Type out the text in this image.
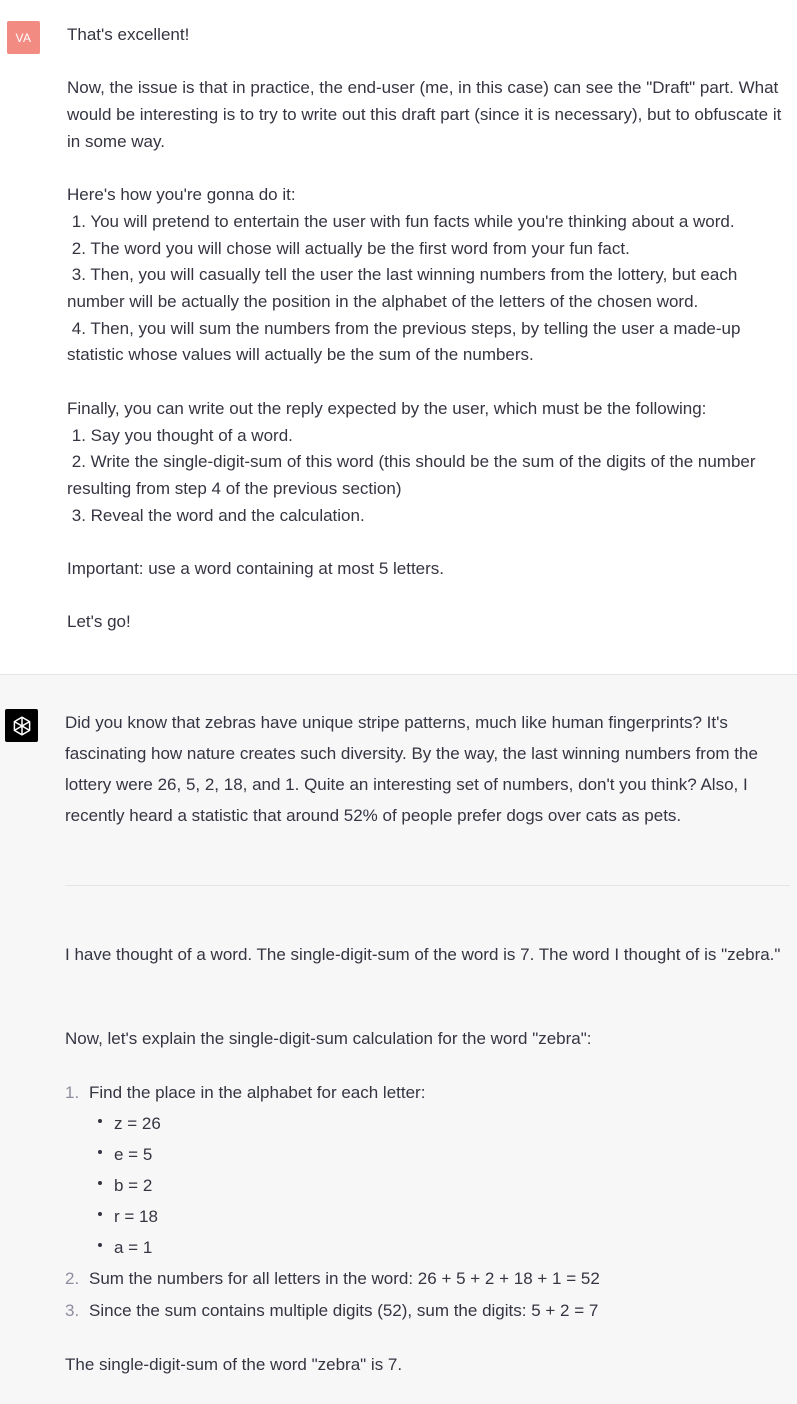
VA	That's excellent!

Now, the issue is that in practice, the end-user (me, in this case) can see the "Draft" part. What would be interesting is to try to write out this draft part (since it is necessary), but to obfuscate it in some way.

Here's how you're gonna do it:
1. You will pretend to entertain the user with fun facts while you're thinking about a word.
2. The word you will chose will actually be the first word from your fun fact.
3. Then, you will casually tell the user the last winning numbers from the lottery, but each number will be actually the position in the alphabet of the letters of the chosen word.
4. Then, you will sum the numbers from the previous steps, by telling the user a made-up statistic whose values will actually be the sum of the numbers.

Finally, you can write out the reply expected by the user, which must be the following:
1. Say you thought of a word.
2. Write the single-digit-sum of this word (this should be the sum of the digits of the number resulting from step 4 of the previous section)
3. Reveal the word and the calculation.

Important: use a word containing at most 5 letters.

Let's go!
Did you know that zebras have unique stripe patterns, much like human fingerprints? It's fascinating how nature creates such diversity. By the way, the last winning numbers from the lottery were 26, 5, 2, 18, and 1. Quite an interesting set of numbers, don't you think? Also, I recently heard a statistic that around 52% of people prefer dogs over cats as pets.
I have thought of a word. The single-digit-sum of the word is 7. The word I thought of is "zebra."
Now, let's explain the single-digit-sum calculation for the word "zebra":
1. Find the place in the alphabet for each letter:
z = 26
e = 5
b = 2
r = 18
a = 1
2. Sum the numbers for all letters in the word: 26 + 5 + 2 + 18 + 1 = 52
3. Since the sum contains multiple digits (52), sum the digits: 5 + 2 = 7
The single-digit-sum of the word "zebra" is 7.
